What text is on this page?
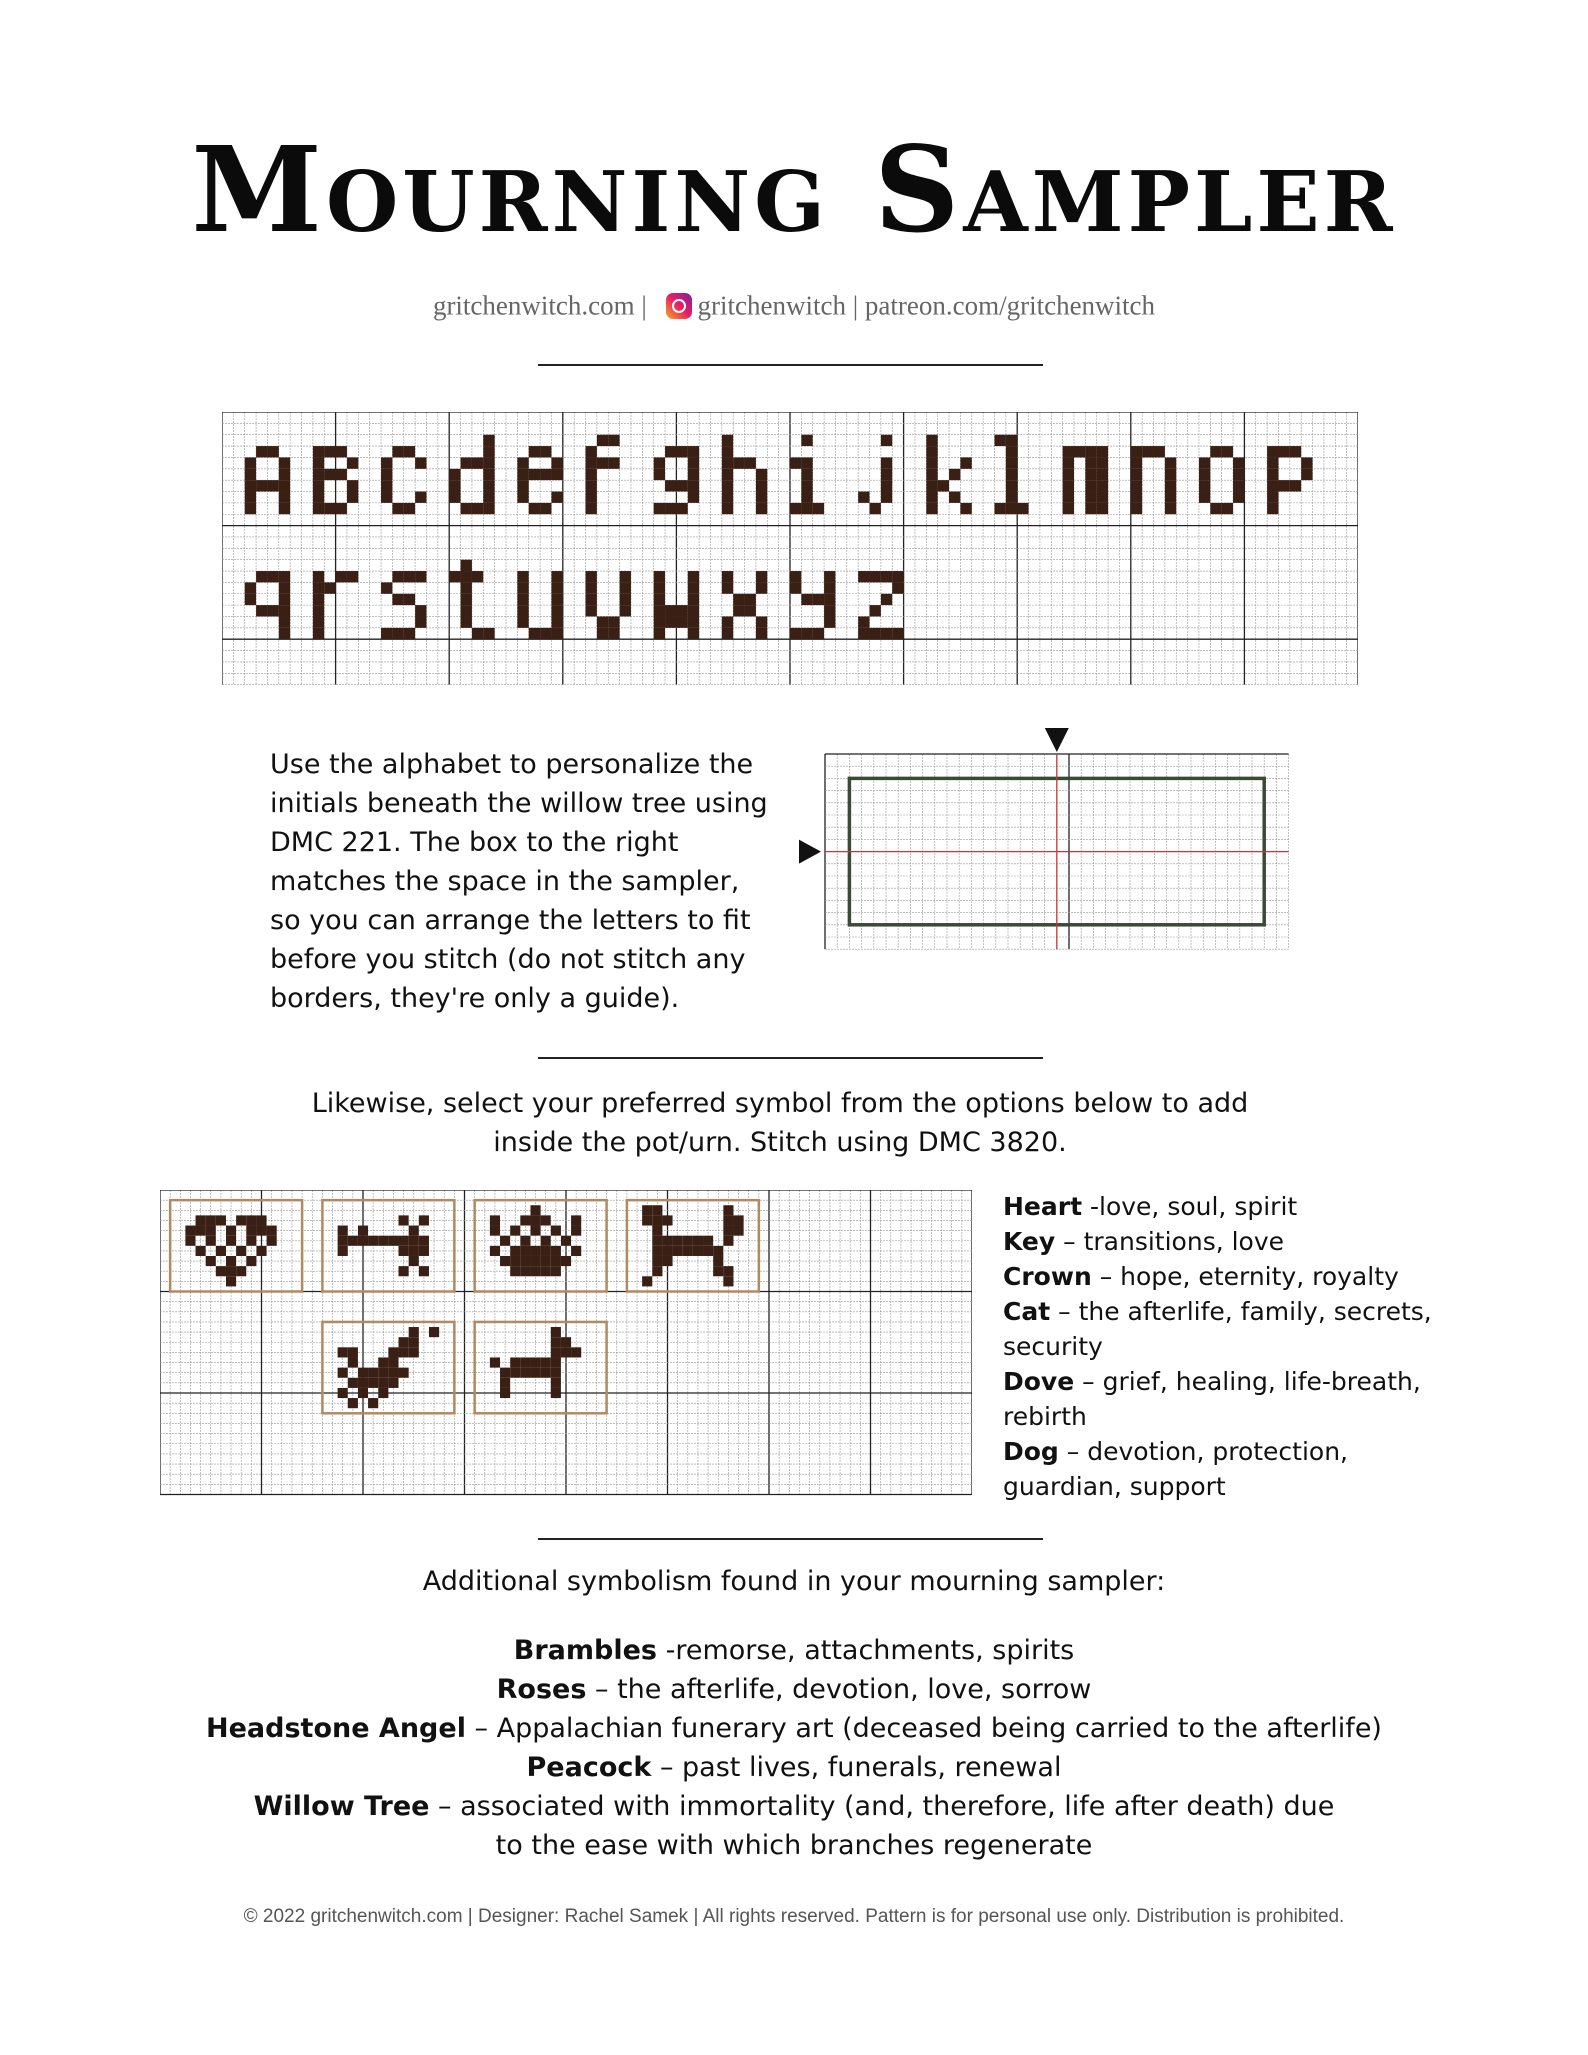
Mourning Sampler
gritchenwitch.com | gritchenwitch | patreon.com/gritchenwitch
Use the alphabet to personalize the initials beneath the willow tree using DMC 221. The box to the right matches the space in the sampler, so you can arrange the letters to fit before you stitch (do not stitch any borders, they're only a guide).
Likewise, select your preferred symbol from the options below to add inside the pot/urn. Stitch using DMC 3820.
Heart -love, soul, spirit
Key – transitions, love
Crown – hope, eternity, royalty
Cat – the afterlife, family, secrets, security
Dove – grief, healing, life-breath, rebirth
Dog – devotion, protection, guardian, support
Additional symbolism found in your mourning sampler:
Brambles -remorse, attachments, spirits
Roses – the afterlife, devotion, love, sorrow
Headstone Angel – Appalachian funerary art (deceased being carried to the afterlife)
Peacock – past lives, funerals, renewal
Willow Tree – associated with immortality (and, therefore, life after death) due to the ease with which branches regenerate
© 2022 gritchenwitch.com | Designer: Rachel Samek | All rights reserved. Pattern is for personal use only. Distribution is prohibited.
